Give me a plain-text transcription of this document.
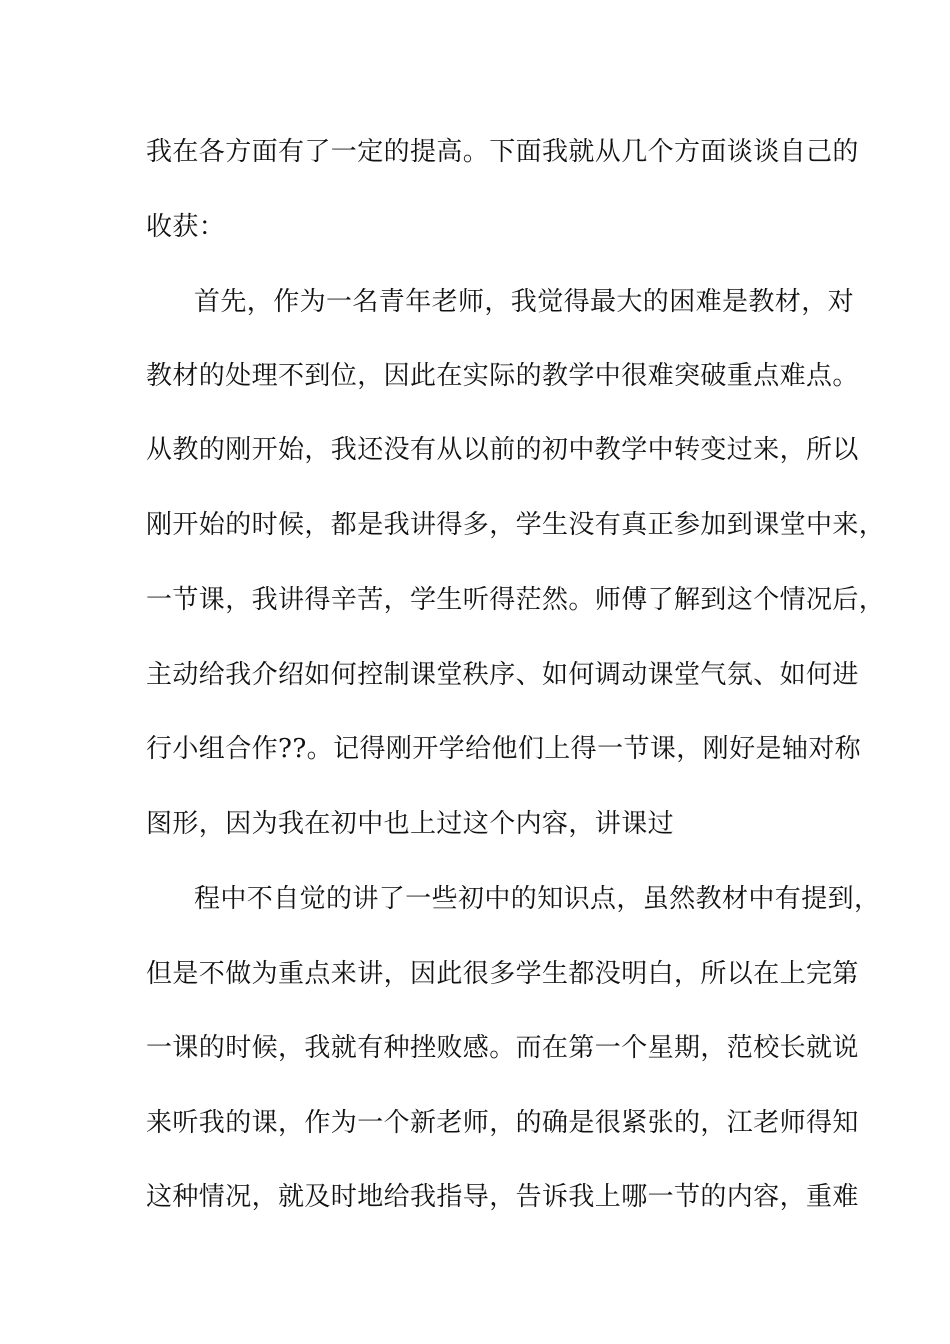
我在各方面有了一定的提高。下面我就从几个方面谈谈自己的
收获：
首先，作为一名青年老师，我觉得最大的困难是教材，对
教材的处理不到位，因此在实际的教学中很难突破重点难点。
从教的刚开始，我还没有从以前的初中教学中转变过来，所以
刚开始的时候，都是我讲得多，学生没有真正参加到课堂中来，
一节课，我讲得辛苦，学生听得茫然。师傅了解到这个情况后，
主动给我介绍如何控制课堂秩序、如何调动课堂气氛、如何进
行小组合作??。记得刚开学给他们上得一节课，刚好是轴对称
图形，因为我在初中也上过这个内容，讲课过
程中不自觉的讲了一些初中的知识点，虽然教材中有提到，
但是不做为重点来讲，因此很多学生都没明白，所以在上完第
一课的时候，我就有种挫败感。而在第一个星期，范校长就说
来听我的课，作为一个新老师，的确是很紧张的，江老师得知
这种情况，就及时地给我指导，告诉我上哪一节的内容，重难
